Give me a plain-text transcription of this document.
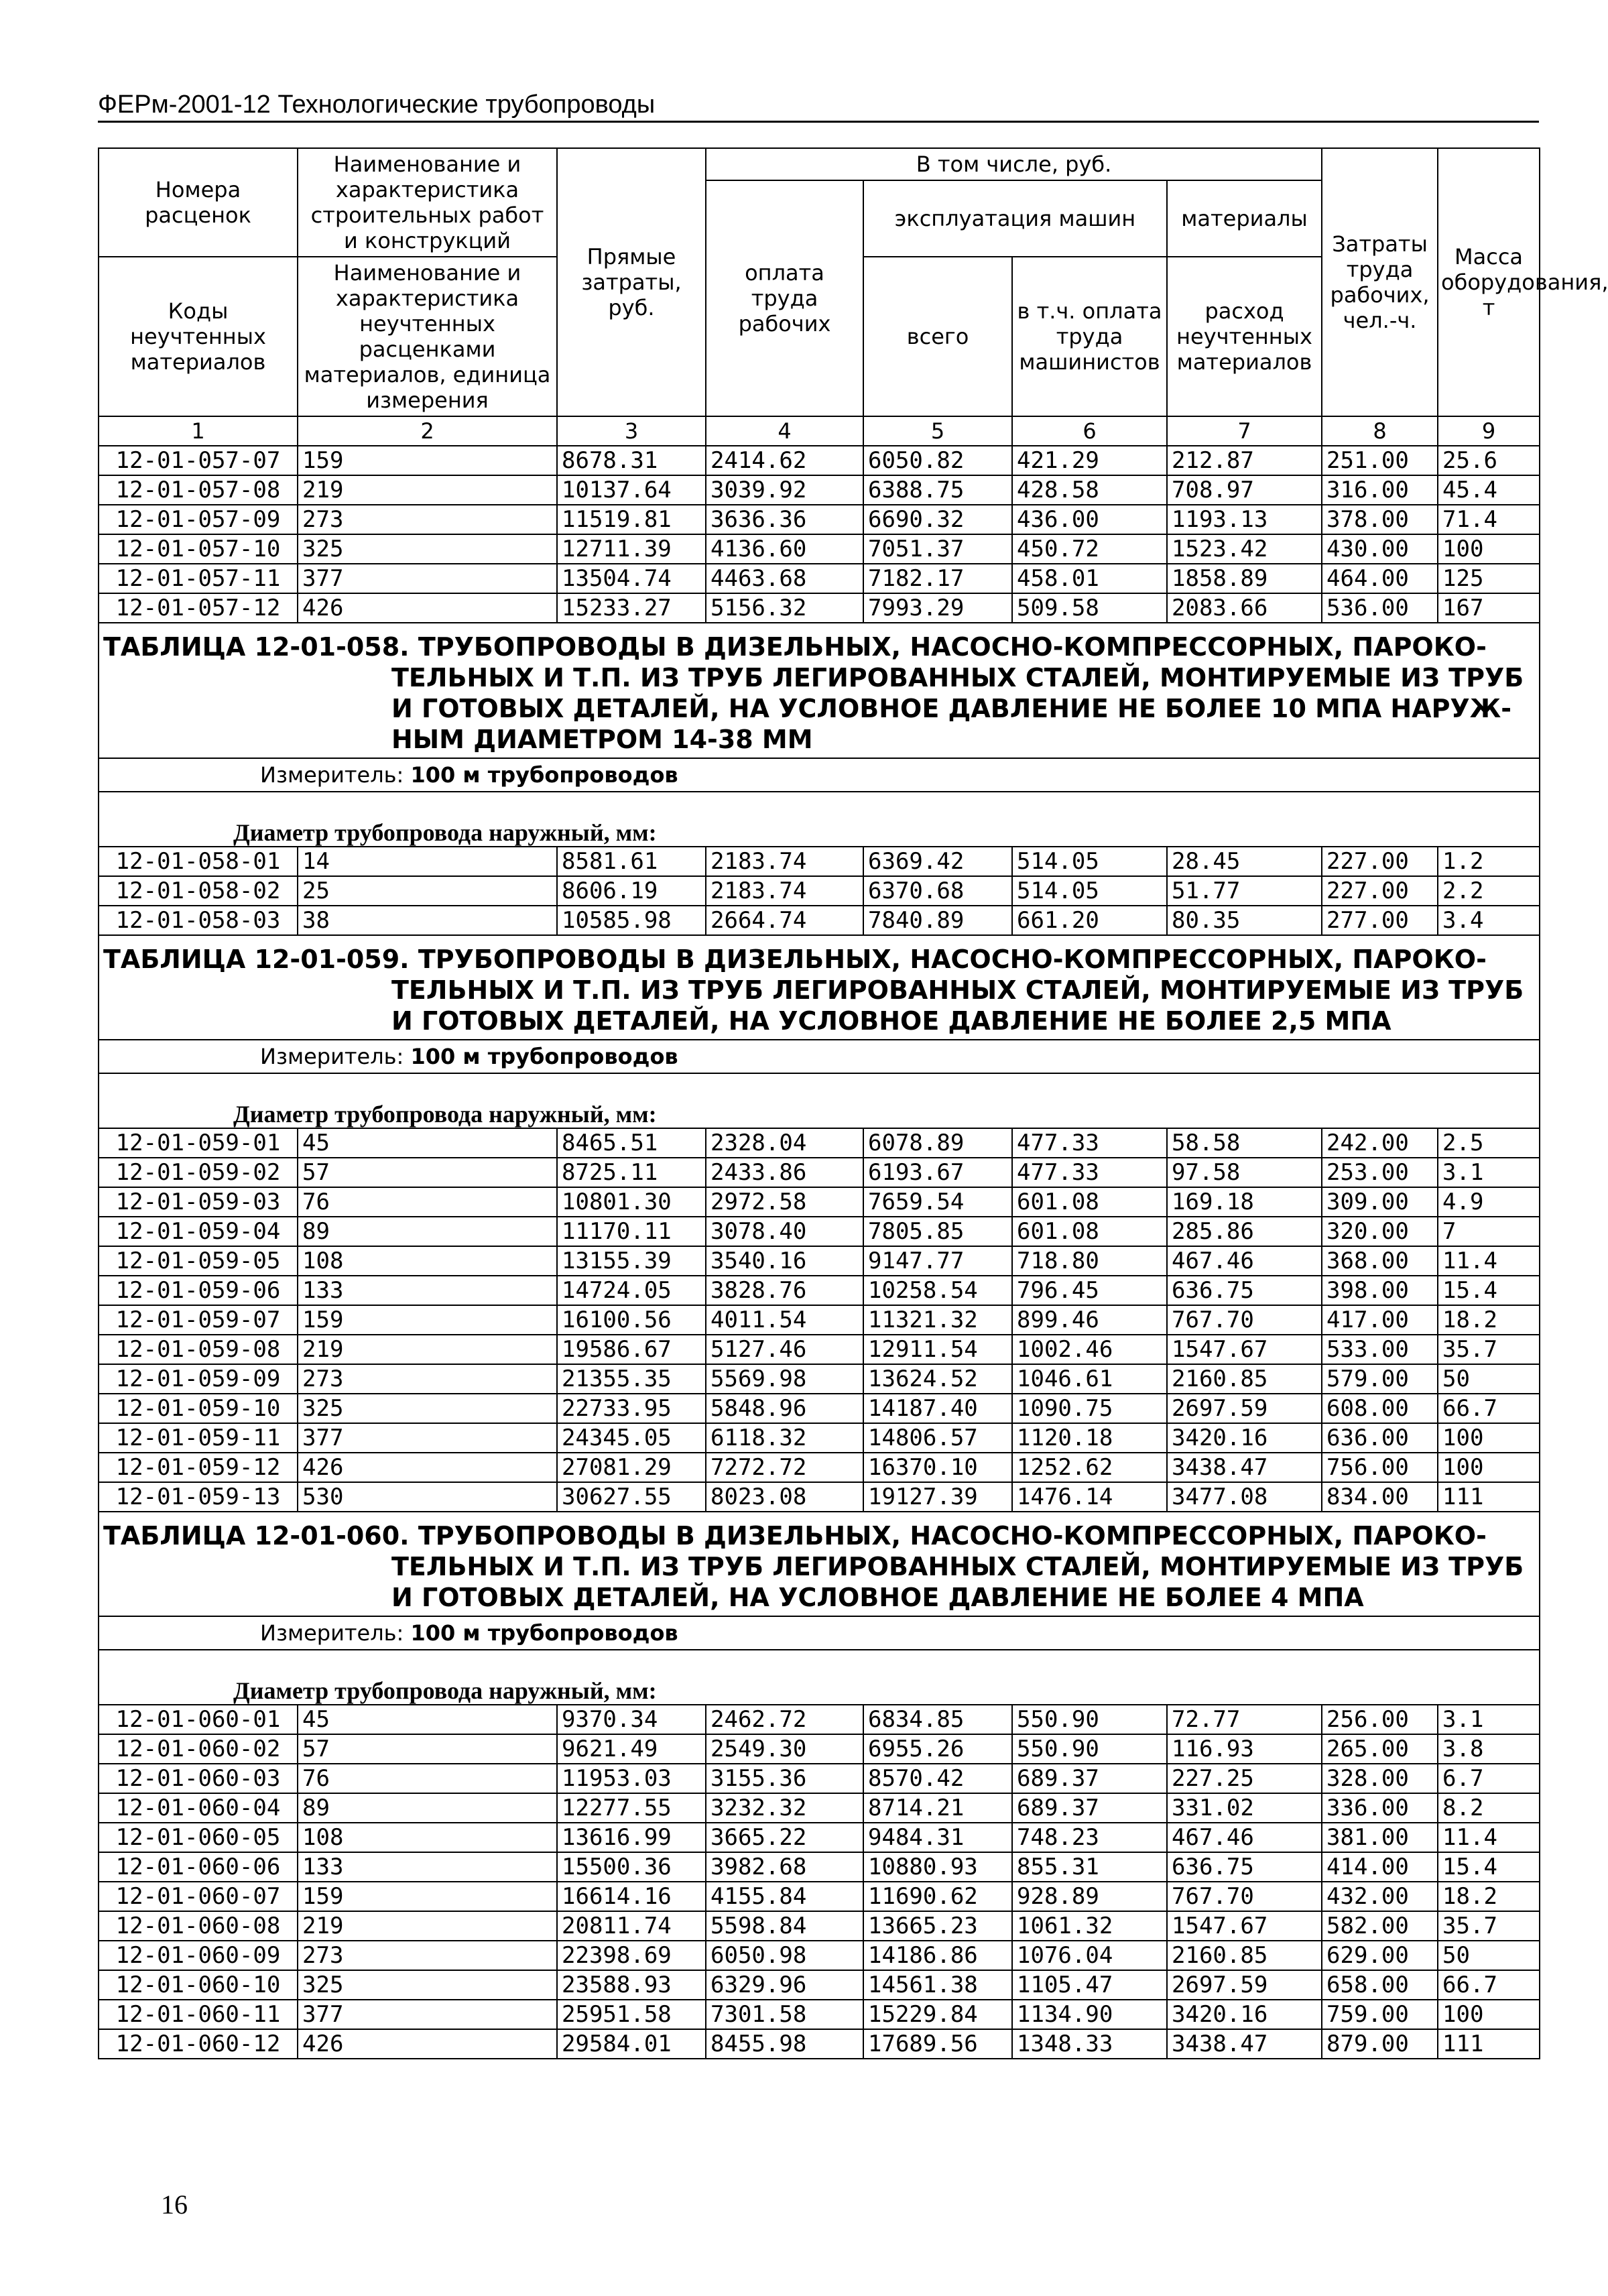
ФЕРм-2001-12 Технологические трубопроводы
Номера расценок	Наименование и характеристика строительных работ и конструкций	Прямые затраты, руб.	В том числе, руб.				Затраты труда рабочих, чел.-ч.	Масса оборудования, т
			оплата труда рабочих	эксплуатация машин		материалы		
Коды неучтенных материалов	Наименование и характеристика неучтенных расценками материалов, единица измерения			всего	в т.ч. оплата труда машинистов	расход неучтенных материалов		

1	2	3	4	5	6	7	8	9
12-01-057-07	159	8678.31	2414.62	6050.82	421.29	212.87	251.00	25.6
12-01-057-08	219	10137.64	3039.92	6388.75	428.58	708.97	316.00	45.4
12-01-057-09	273	11519.81	3636.36	6690.32	436.00	1193.13	378.00	71.4
12-01-057-10	325	12711.39	4136.60	7051.37	450.72	1523.42	430.00	100
12-01-057-11	377	13504.74	4463.68	7182.17	458.01	1858.89	464.00	125
12-01-057-12	426	15233.27	5156.32	7993.29	509.58	2083.66	536.00	167

ТАБЛИЦА 12-01-058. ТРУБОПРОВОДЫ В ДИЗЕЛЬНЫХ, НАСОСНО-КОМПРЕССОРНЫХ, ПАРОКО-
ТЕЛЬНЫХ И Т.П. ИЗ ТРУБ ЛЕГИРОВАННЫХ СТАЛЕЙ, МОНТИРУЕМЫЕ ИЗ ТРУБ
И ГОТОВЫХ ДЕТАЛЕЙ, НА УСЛОВНОЕ ДАВЛЕНИЕ НЕ БОЛЕЕ 10 МПА НАРУЖ-
НЫМ ДИАМЕТРОМ 14-38 ММ								

Измеритель: 100 м трубопроводов								
Диаметр трубопровода наружный, мм:								
12-01-058-01	14	8581.61	2183.74	6369.42	514.05	28.45	227.00	1.2
12-01-058-02	25	8606.19	2183.74	6370.68	514.05	51.77	227.00	2.2
12-01-058-03	38	10585.98	2664.74	7840.89	661.20	80.35	277.00	3.4

ТАБЛИЦА 12-01-059. ТРУБОПРОВОДЫ В ДИЗЕЛЬНЫХ, НАСОСНО-КОМПРЕССОРНЫХ, ПАРОКО-
ТЕЛЬНЫХ И Т.П. ИЗ ТРУБ ЛЕГИРОВАННЫХ СТАЛЕЙ, МОНТИРУЕМЫЕ ИЗ ТРУБ
И ГОТОВЫХ ДЕТАЛЕЙ, НА УСЛОВНОЕ ДАВЛЕНИЕ НЕ БОЛЕЕ 2,5 МПА								

Измеритель: 100 м трубопроводов								
Диаметр трубопровода наружный, мм:								
12-01-059-01	45	8465.51	2328.04	6078.89	477.33	58.58	242.00	2.5
12-01-059-02	57	8725.11	2433.86	6193.67	477.33	97.58	253.00	3.1
12-01-059-03	76	10801.30	2972.58	7659.54	601.08	169.18	309.00	4.9
12-01-059-04	89	11170.11	3078.40	7805.85	601.08	285.86	320.00	7
12-01-059-05	108	13155.39	3540.16	9147.77	718.80	467.46	368.00	11.4
12-01-059-06	133	14724.05	3828.76	10258.54	796.45	636.75	398.00	15.4
12-01-059-07	159	16100.56	4011.54	11321.32	899.46	767.70	417.00	18.2
12-01-059-08	219	19586.67	5127.46	12911.54	1002.46	1547.67	533.00	35.7
12-01-059-09	273	21355.35	5569.98	13624.52	1046.61	2160.85	579.00	50
12-01-059-10	325	22733.95	5848.96	14187.40	1090.75	2697.59	608.00	66.7
12-01-059-11	377	24345.05	6118.32	14806.57	1120.18	3420.16	636.00	100
12-01-059-12	426	27081.29	7272.72	16370.10	1252.62	3438.47	756.00	100
12-01-059-13	530	30627.55	8023.08	19127.39	1476.14	3477.08	834.00	111

ТАБЛИЦА 12-01-060. ТРУБОПРОВОДЫ В ДИЗЕЛЬНЫХ, НАСОСНО-КОМПРЕССОРНЫХ, ПАРОКО-
ТЕЛЬНЫХ И Т.П. ИЗ ТРУБ ЛЕГИРОВАННЫХ СТАЛЕЙ, МОНТИРУЕМЫЕ ИЗ ТРУБ
И ГОТОВЫХ ДЕТАЛЕЙ, НА УСЛОВНОЕ ДАВЛЕНИЕ НЕ БОЛЕЕ 4 МПА								

Измеритель: 100 м трубопроводов								
Диаметр трубопровода наружный, мм:								
12-01-060-01	45	9370.34	2462.72	6834.85	550.90	72.77	256.00	3.1
12-01-060-02	57	9621.49	2549.30	6955.26	550.90	116.93	265.00	3.8
12-01-060-03	76	11953.03	3155.36	8570.42	689.37	227.25	328.00	6.7
12-01-060-04	89	12277.55	3232.32	8714.21	689.37	331.02	336.00	8.2
12-01-060-05	108	13616.99	3665.22	9484.31	748.23	467.46	381.00	11.4
12-01-060-06	133	15500.36	3982.68	10880.93	855.31	636.75	414.00	15.4
12-01-060-07	159	16614.16	4155.84	11690.62	928.89	767.70	432.00	18.2
12-01-060-08	219	20811.74	5598.84	13665.23	1061.32	1547.67	582.00	35.7
12-01-060-09	273	22398.69	6050.98	14186.86	1076.04	2160.85	629.00	50
12-01-060-10	325	23588.93	6329.96	14561.38	1105.47	2697.59	658.00	66.7
12-01-060-11	377	25951.58	7301.58	15229.84	1134.90	3420.16	759.00	100
12-01-060-12	426	29584.01	8455.98	17689.56	1348.33	3438.47	879.00	111
16
